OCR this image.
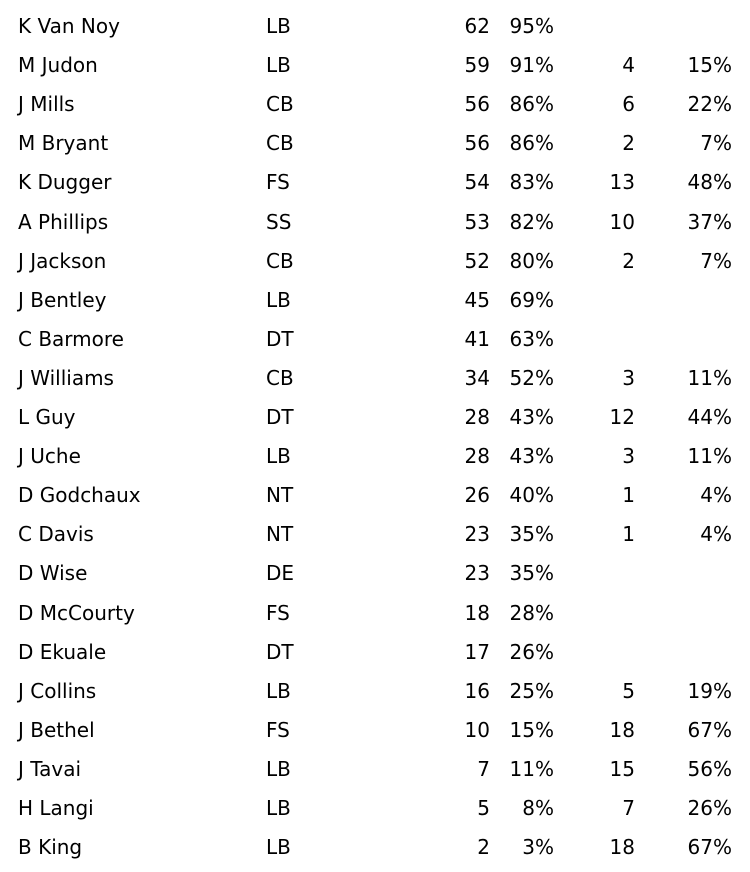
K Van Noy	LB	62 95%
M Judon	LB	59 91%	4	15%
J Mills	CB	56 86%	6	22%
M Bryant	CB	56 86%	2	7%
K Dugger	FS	54 83%	13	48%
A Phillips	SS	53 82%	10	37%
J Jackson	CB	52 80%	2	7%
J Bentley	LB	45 69%
C Barmore	DT	41 63%
J Williams	CB	34 52%	3	11%
L Guy	DT	28 43%	12	44%
J Uche	LB	28 43%	3	11%
D Godchaux	NT	26 40%	1	4%
C Davis	NT	23 35%	1	4%
D Wise	DE	23 35%
D McCourty	FS	18 28%
D Ekuale	DT	17 26%
J Collins	LB	16 25%	5	19%
J Bethel	FS	10 15%	18	67%
J Tavai	LB	7 11%	15	56%
H Langi	LB	5 8%	7	26%
B King	LB	2 3%	18	67%
